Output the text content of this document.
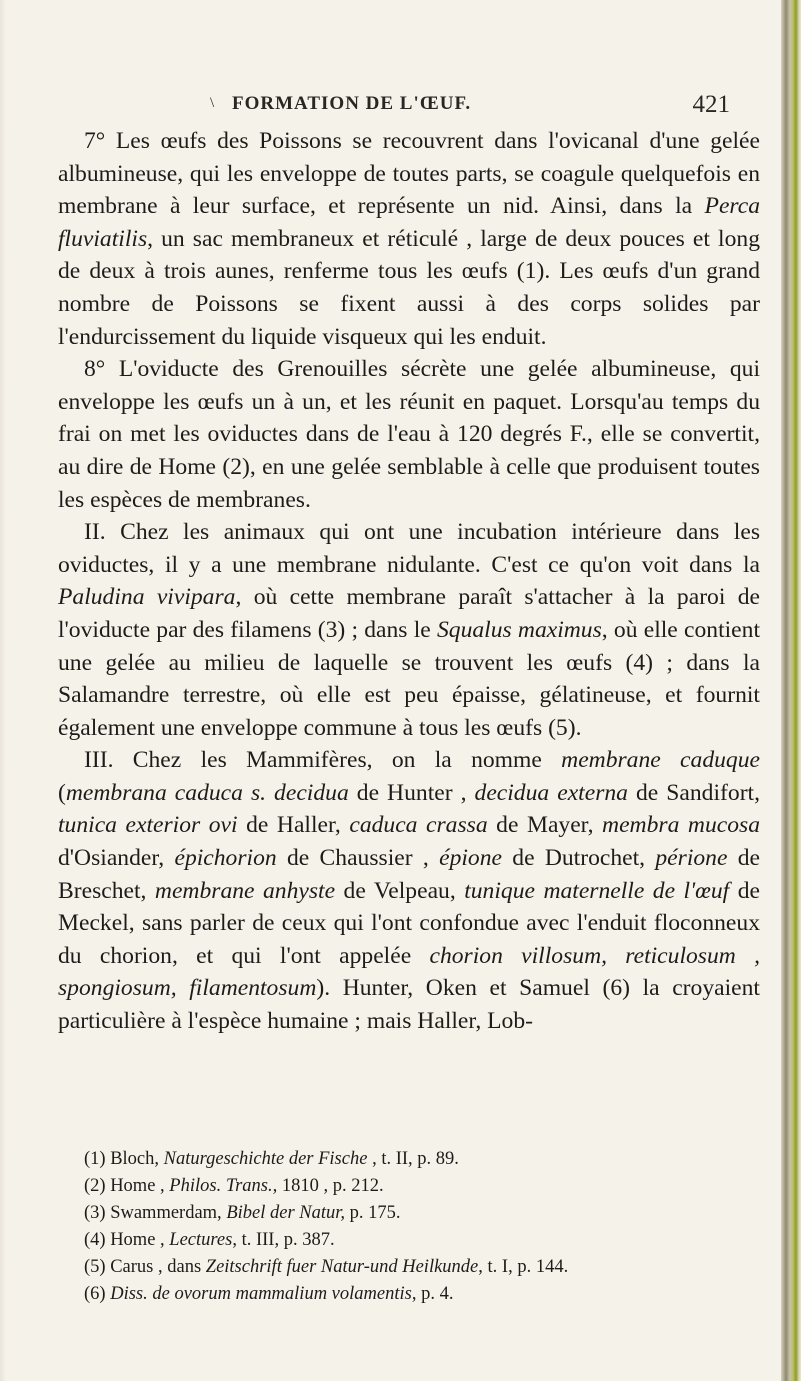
\ FORMATION DE L'ŒUF.	421

7° Les œufs des Poissons se recouvrent dans l'ovicanal d'une gelée albumineuse, qui les enveloppe de toutes parts, se coagule quelquefois en membrane à leur surface, et représente un nid. Ainsi, dans la Perca fluviatilis, un sac membraneux et réticulé , large de deux pouces et long de deux à trois aunes, renferme tous les œufs (1). Les œufs d'un grand nombre de Poissons se fixent aussi à des corps solides par l'endurcissement du liquide visqueux qui les enduit.

8° L'oviducte des Grenouilles sécrète une gelée albumineuse, qui enveloppe les œufs un à un, et les réunit en paquet. Lorsqu'au temps du frai on met les oviductes dans de l'eau à 120 degrés F., elle se convertit, au dire de Home (2), en une gelée semblable à celle que produisent toutes les espèces de membranes.

II. Chez les animaux qui ont une incubation intérieure dans les oviductes, il y a une membrane nidulante. C'est ce qu'on voit dans la Paludina vivipara, où cette membrane paraît s'attacher à la paroi de l'oviducte par des filamens (3) ; dans le Squalus maximus, où elle contient une gelée au milieu de laquelle se trouvent les œufs (4) ; dans la Salamandre terrestre, où elle est peu épaisse, gélatineuse, et fournit également une enveloppe commune à tous les œufs (5).

III. Chez les Mammifères, on la nomme membrane caduque (membrana caduca s. decidua de Hunter , decidua externa de Sandifort, tunica exterior ovi de Haller, caduca crassa de Mayer, membra mucosa d'Osiander, épichorion de Chaussier , épione de Dutrochet, périone de Breschet, membrane anhyste de Velpeau, tunique maternelle de l'œuf de Meckel, sans parler de ceux qui l'ont confondue avec l'enduit floconneux du chorion, et qui l'ont appelée chorion villosum, reticulosum , spongiosum, filamentosum). Hunter, Oken et Samuel (6) la croyaient particulière à l'espèce humaine ; mais Haller, Lob-

(1) Bloch, Naturgeschichte der Fische , t. II, p. 89.

(2) Home , Philos. Trans., 1810 , p. 212.

(3) Swammerdam, Bibel der Natur, p. 175.

(4) Home , Lectures, t. III, p. 387.

(5) Carus , dans Zeitschrift fuer Natur-und Heilkunde, t. I, p. 144.

(6) Diss. de ovorum mammalium volamentis, p. 4.
